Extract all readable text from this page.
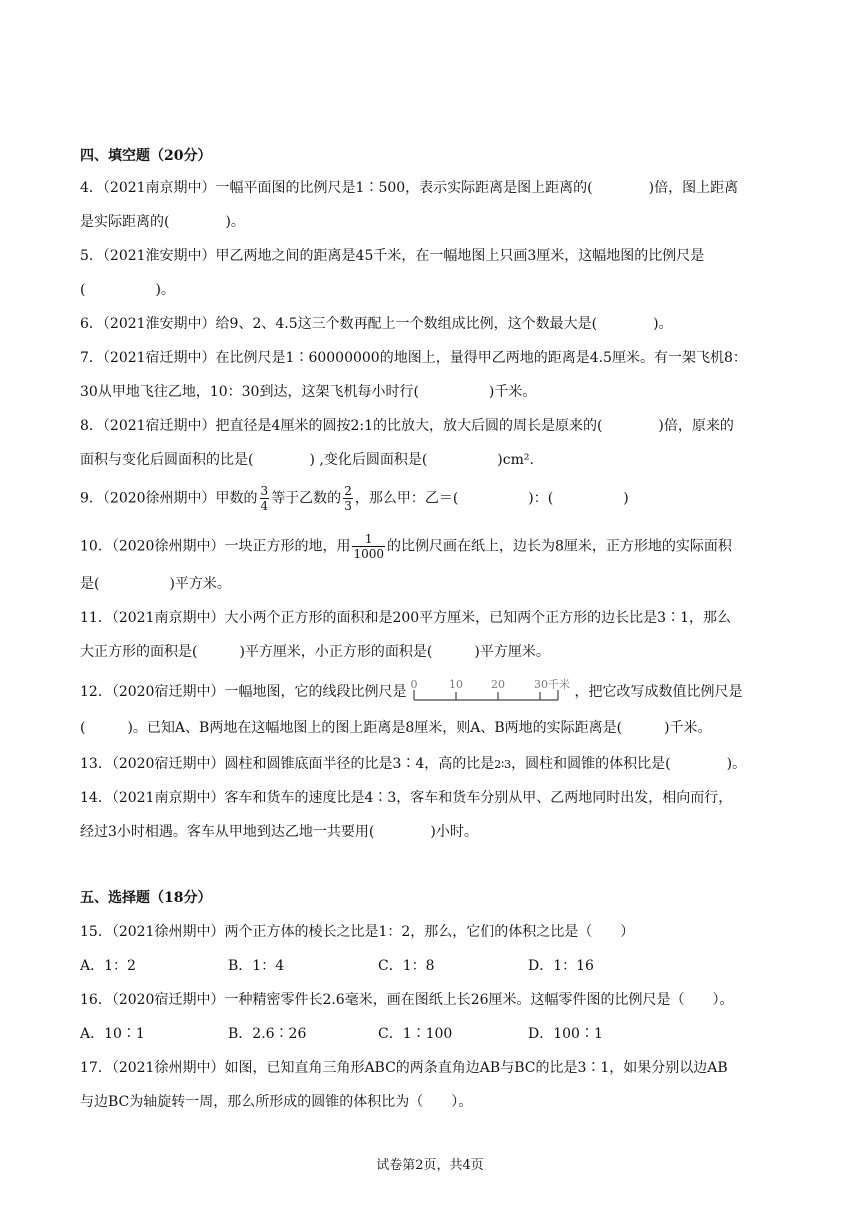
四、填空题（20分）
4．（2021南京期中）一幅平面图的比例尺是1∶500，表示实际距离是图上距离的(　　　　)倍，图上距离
是实际距离的(　　　　)。
5．（2021淮安期中）甲乙两地之间的距离是45千米，在一幅地图上只画3厘米，这幅地图的比例尺是
(　　　　　)。
6．（2021淮安期中）给9、2、4.5这三个数再配上一个数组成比例，这个数最大是(　　　　)。
7．（2021宿迁期中）在比例尺是1∶60000000的地图上，量得甲乙两地的距离是4.5厘米。有一架飞机8：
30从甲地飞往乙地，10：30到达，这架飞机每小时行(　　　　　)千米。
8．（2021宿迁期中）把直径是4厘米的圆按2:1的比放大，放大后圆的周长是原来的(　　　　)倍，原来的
面积与变化后圆面积的比是(　　　　) ,变化后圆面积是(　　　　　)cm².
9．（2020徐州期中）甲数的 $\frac{3}{4}$ 等于乙数的 $\frac{2}{3}$ ，那么甲：乙＝(　　　　　)：(　　　　　)
10．（2020徐州期中）一块正方形的地，用 $\frac{1}{1000}$ 的比例尺画在纸上，边长为8厘米，正方形地的实际面积
是(　　　　　)平方米。
11．（2021南京期中）大小两个正方形的面积和是200平方厘米，已知两个正方形的边长比是3∶1，那么
大正方形的面积是(　　　)平方厘米，小正方形的面积是(　　　)平方厘米。
12．（2020宿迁期中）一幅地图，它的线段比例尺是 0	10	20	30千米 ，把它改写成数值比例尺是
(　　　)。已知A、B两地在这幅地图上的图上距离是8厘米，则A、B两地的实际距离是(　　　)千米。
13．（2020宿迁期中）圆柱和圆锥底面半径的比是3∶4，高的比是2∶3，圆柱和圆锥的体积比是(　　　　)。
14．（2021南京期中）客车和货车的速度比是4∶3，客车和货车分别从甲、乙两地同时出发，相向而行，
经过3小时相遇。客车从甲地到达乙地一共要用(　　　　)小时。
五、选择题（18分）
15．（2021徐州期中）两个正方体的棱长之比是1：2，那么，它们的体积之比是（　　）
A．1：2	B．1：4	C．1：8	D．1：16
16．（2020宿迁期中）一种精密零件长2.6毫米，画在图纸上长26厘米。这幅零件图的比例尺是（　　）。
A．10∶1	B．2.6∶26	C．1∶100	D．100∶1
17．（2021徐州期中）如图，已知直角三角形ABC的两条直角边AB与BC的比是3∶1，如果分别以边AB
与边BC为轴旋转一周，那么所形成的圆锥的体积比为（　　）。
试卷第2页，共4页
